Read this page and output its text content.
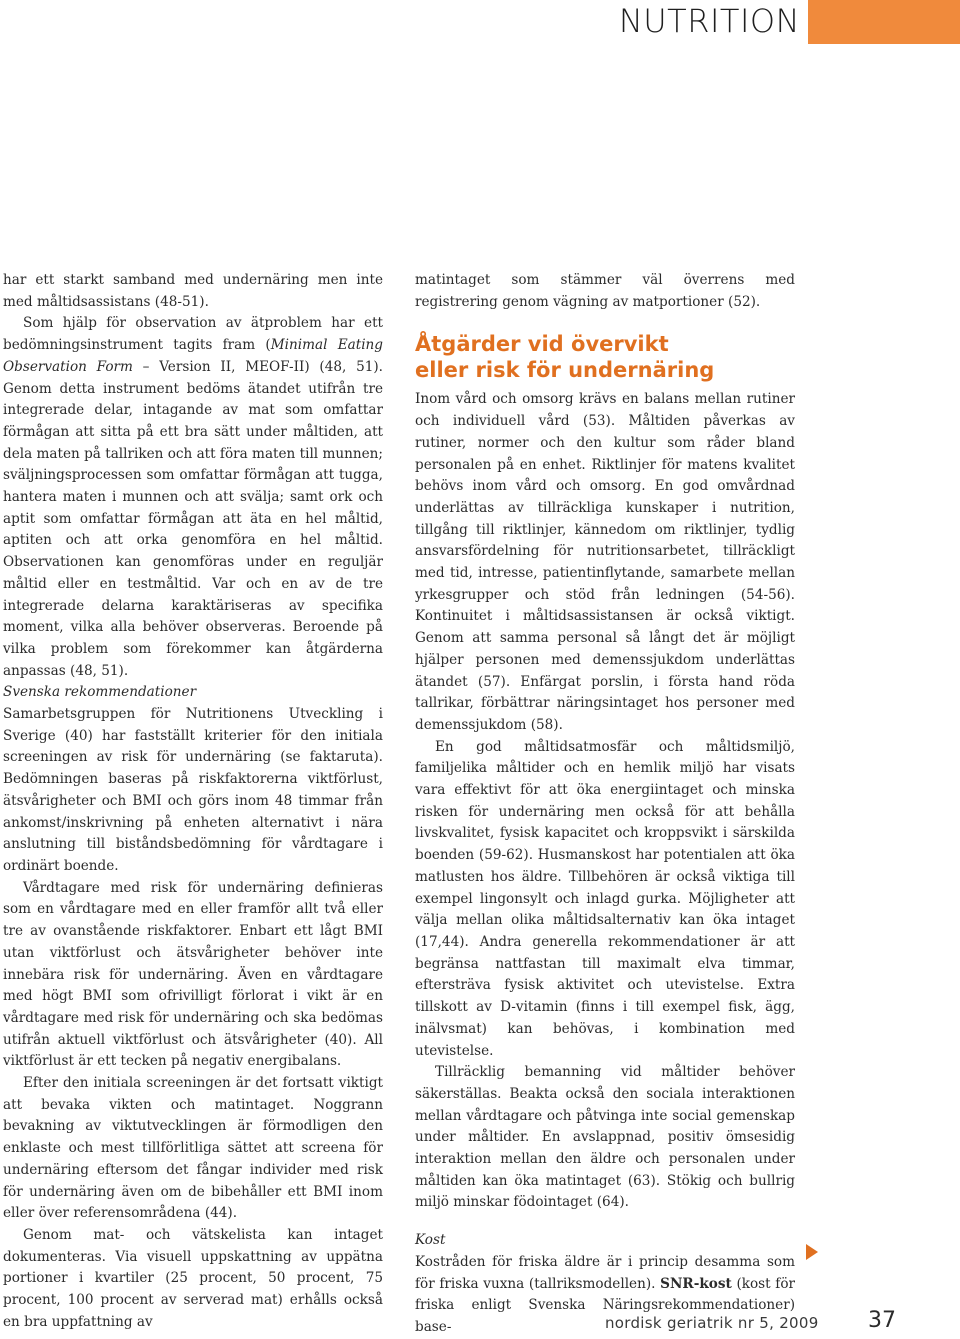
NUTRITION

har ett starkt samband med undernäring men inte med måltidsassistans (48-51).

Som hjälp för observation av ätproblem har ett bedömningsinstrument tagits fram (Minimal Eating Observation Form – Version II, MEOF-II) (48, 51). Genom detta instrument bedöms ätandet utifrån tre integrerade delar, intagande av mat som omfattar förmågan att sitta på ett bra sätt under måltiden, att dela maten på tallriken och att föra maten till munnen; sväljningsprocessen som omfattar förmågan att tugga, hantera maten i munnen och att svälja; samt ork och aptit som omfattar förmågan att äta en hel måltid, aptiten och att orka genomföra en hel måltid. Observationen kan genomföras under en reguljär måltid eller en testmåltid. Var och en av de tre integrerade delarna karaktäriseras av specifika moment, vilka alla behöver observeras. Beroende på vilka problem som förekommer kan åtgärderna anpassas (48, 51).

Svenska rekommendationer

Samarbetsgruppen för Nutritionens Utveckling i Sverige (40) har fastställt kriterier för den initiala screeningen av risk för undernäring (se faktaruta). Bedömningen baseras på riskfaktorerna viktförlust, ätsvårigheter och BMI och görs inom 48 timmar från ankomst/inskrivning på enheten alternativt i nära anslutning till biståndsbedömning för vårdtagare i ordinärt boende.

Vårdtagare med risk för undernäring definieras som en vårdtagare med en eller framför allt två eller tre av ovanstående riskfaktorer. Enbart ett lågt BMI utan viktförlust och ätsvårigheter behöver inte innebära risk för undernäring. Även en vårdtagare med högt BMI som ofrivilligt förlorat i vikt är en vårdtagare med risk för undernäring och ska bedömas utifrån aktuell viktförlust och ätsvårigheter (40). All viktförlust är ett tecken på negativ energibalans.

Efter den initiala screeningen är det fortsatt viktigt att bevaka vikten och matintaget. Noggrann bevakning av viktutvecklingen är förmodligen den enklaste och mest tillförlitliga sättet att screena för undernäring eftersom det fångar individer med risk för undernäring även om de bibehåller ett BMI inom eller över referensområdena (44).

Genom mat- och vätskelista kan intaget dokumenteras. Via visuell uppskattning av uppätna portioner i kvartiler (25 procent, 50 procent, 75 procent, 100 procent av serverad mat) erhålls också en bra uppfattning av

matintaget som stämmer väl överrens med registrering genom vägning av matportioner (52).

Åtgärder vid övervikt
eller risk för undernäring

Inom vård och omsorg krävs en balans mellan rutiner och individuell vård (53). Måltiden påverkas av rutiner, normer och den kultur som råder bland personalen på en enhet. Riktlinjer för matens kvalitet behövs inom vård och omsorg. En god omvårdnad underlättas av tillräckliga kunskaper i nutrition, tillgång till riktlinjer, kännedom om riktlinjer, tydlig ansvarsfördelning för nutritionsarbetet, tillräckligt med tid, intresse, patientinflytande, samarbete mellan yrkesgrupper och stöd från ledningen (54-56). Kontinuitet i måltidsassistansen är också viktigt. Genom att samma personal så långt det är möjligt hjälper personen med demenssjukdom underlättas ätandet (57). Enfärgat porslin, i första hand röda tallrikar, förbättrar näringsintaget hos personer med demenssjukdom (58).

En god måltidsatmosfär och måltidsmiljö, familjelika måltider och en hemlik miljö har visats vara effektivt för att öka energiintaget och minska risken för undernäring men också för att behålla livskvalitet, fysisk kapacitet och kroppsvikt i särskilda boenden (59-62). Husmanskost har potentialen att öka matlusten hos äldre. Tillbehören är också viktiga till exempel lingonsylt och inlagd gurka. Möjligheter att välja mellan olika måltidsalternativ kan öka intaget (17,44). Andra generella rekommendationer är att begränsa nattfastan till maximalt elva timmar, eftersträva fysisk aktivitet och utevistelse. Extra tillskott av D-vitamin (finns i till exempel fisk, ägg, inälvsmat) kan behövas, i kombination med utevistelse.

Tillräcklig bemanning vid måltider behöver säkerställas. Beakta också den sociala interaktionen mellan vårdtagare och påtvinga inte social gemenskap under måltider. En avslappnad, positiv ömsesidig interaktion mellan den äldre och personalen under måltiden kan öka matintaget (63). Stökig och bullrig miljö minskar födointaget (64).

Kost

Kostråden för friska äldre är i princip desamma som för friska vuxna (tallriksmodellen). SNR-kost (kost för friska enligt Svenska Näringsrekommendationer) base-	nordisk geriatrik nr 5, 2009 37
